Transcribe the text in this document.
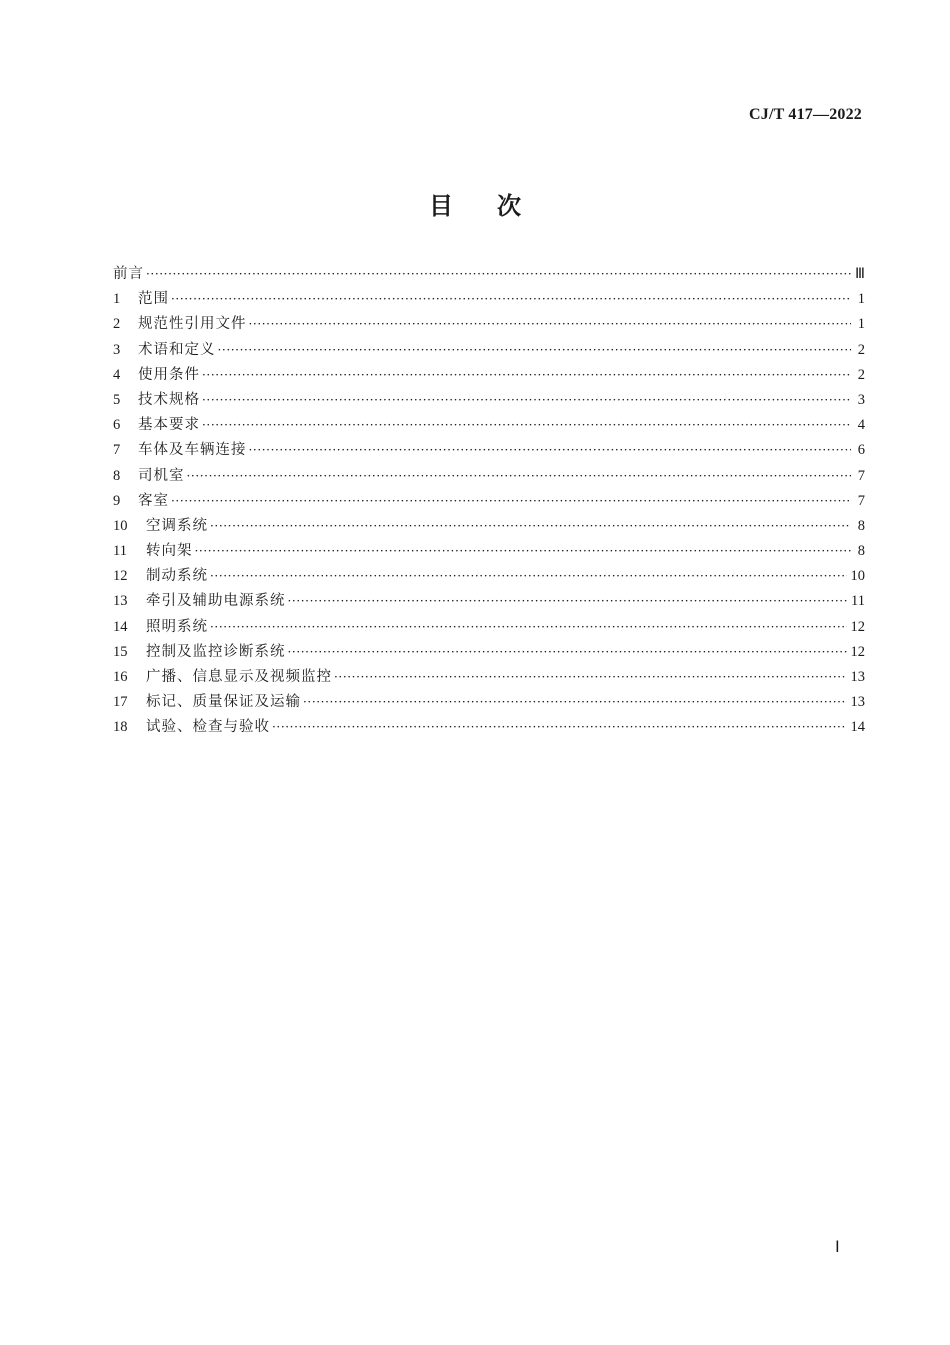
CJ/T 417—2022
目次
前言 ·····	Ⅲ
1	范围 ·····	1
2	规范性引用文件 ·····	1
3	术语和定义 ·····	2
4	使用条件 ·····	2
5	技术规格 ·····	3
6	基本要求 ·····	4
7	车体及车辆连接 ·····	6
8	司机室 ·····	7
9	客室 ·····	7
10	空调系统 ·····	8
11	转向架 ·····	8
12	制动系统 ·····	10
13	牵引及辅助电源系统 ·····	11
14	照明系统 ·····	12
15	控制及监控诊断系统 ·····	12
16	广播、信息显示及视频监控 ·····	13
17	标记、质量保证及运输 ·····	13
18	试验、检查与验收 ·····	14
Ⅰ
